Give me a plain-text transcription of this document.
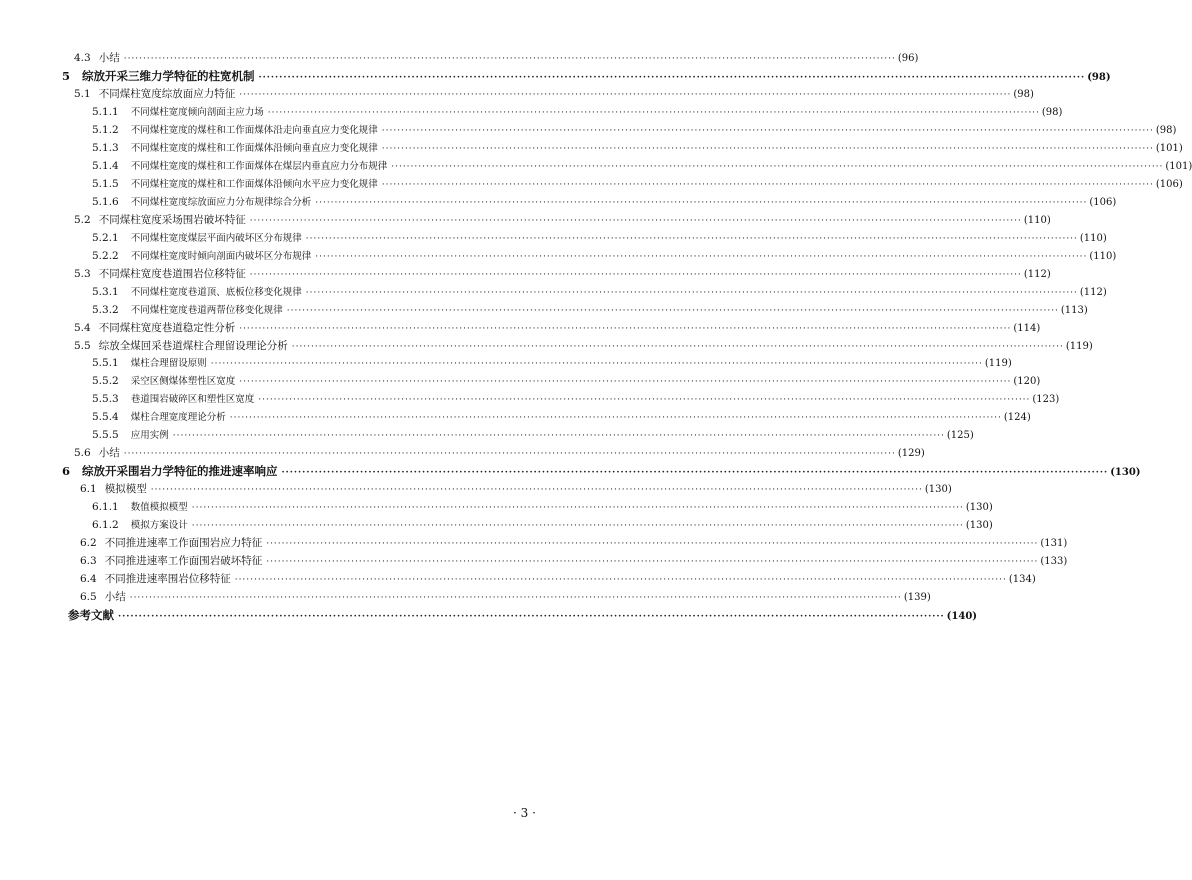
4.3 小结 ········································································································································································································ (96)
5 综放开采三维力学特征的柱宽机制 ········································································································································································································ (98)
5.1 不同煤柱宽度综放面应力特征 ········································································································································································································ (98)
5.1.1 不同煤柱宽度倾向剖面主应力场 ········································································································································································································ (98)
5.1.2 不同煤柱宽度的煤柱和工作面煤体沿走向垂直应力变化规律 ········································································································································································································ (98)
5.1.3 不同煤柱宽度的煤柱和工作面煤体沿倾向垂直应力变化规律 ········································································································································································································ (101)
5.1.4 不同煤柱宽度的煤柱和工作面煤体在煤层内垂直应力分布规律 ········································································································································································································ (101)
5.1.5 不同煤柱宽度的煤柱和工作面煤体沿倾向水平应力变化规律 ········································································································································································································ (106)
5.1.6 不同煤柱宽度综放面应力分布规律综合分析 ········································································································································································································ (106)
5.2 不同煤柱宽度采场围岩破坏特征 ········································································································································································································ (110)
5.2.1 不同煤柱宽度煤层平面内破坏区分布规律 ········································································································································································································ (110)
5.2.2 不同煤柱宽度时倾向剖面内破坏区分布规律 ········································································································································································································ (110)
5.3 不同煤柱宽度巷道围岩位移特征 ········································································································································································································ (112)
5.3.1 不同煤柱宽度巷道顶、底板位移变化规律 ········································································································································································································ (112)
5.3.2 不同煤柱宽度巷道两帮位移变化规律 ········································································································································································································ (113)
5.4 不同煤柱宽度巷道稳定性分析 ········································································································································································································ (114)
5.5 综放全煤回采巷道煤柱合理留设理论分析 ········································································································································································································ (119)
5.5.1 煤柱合理留设原则 ········································································································································································································ (119)
5.5.2 采空区侧煤体塑性区宽度 ········································································································································································································ (120)
5.5.3 巷道围岩破碎区和塑性区宽度 ········································································································································································································ (123)
5.5.4 煤柱合理宽度理论分析 ········································································································································································································ (124)
5.5.5 应用实例 ········································································································································································································ (125)
5.6 小结 ········································································································································································································ (129)
6 综放开采围岩力学特征的推进速率响应 ········································································································································································································ (130)
6.1 模拟模型 ········································································································································································································ (130)
6.1.1 数值模拟模型 ········································································································································································································ (130)
6.1.2 模拟方案设计 ········································································································································································································ (130)
6.2 不同推进速率工作面围岩应力特征 ········································································································································································································ (131)
6.3 不同推进速率工作面围岩破坏特征 ········································································································································································································ (133)
6.4 不同推进速率围岩位移特征 ········································································································································································································ (134)
6.5 小结 ········································································································································································································ (139)
参考文献 ········································································································································································································ (140)
· 3 ·
